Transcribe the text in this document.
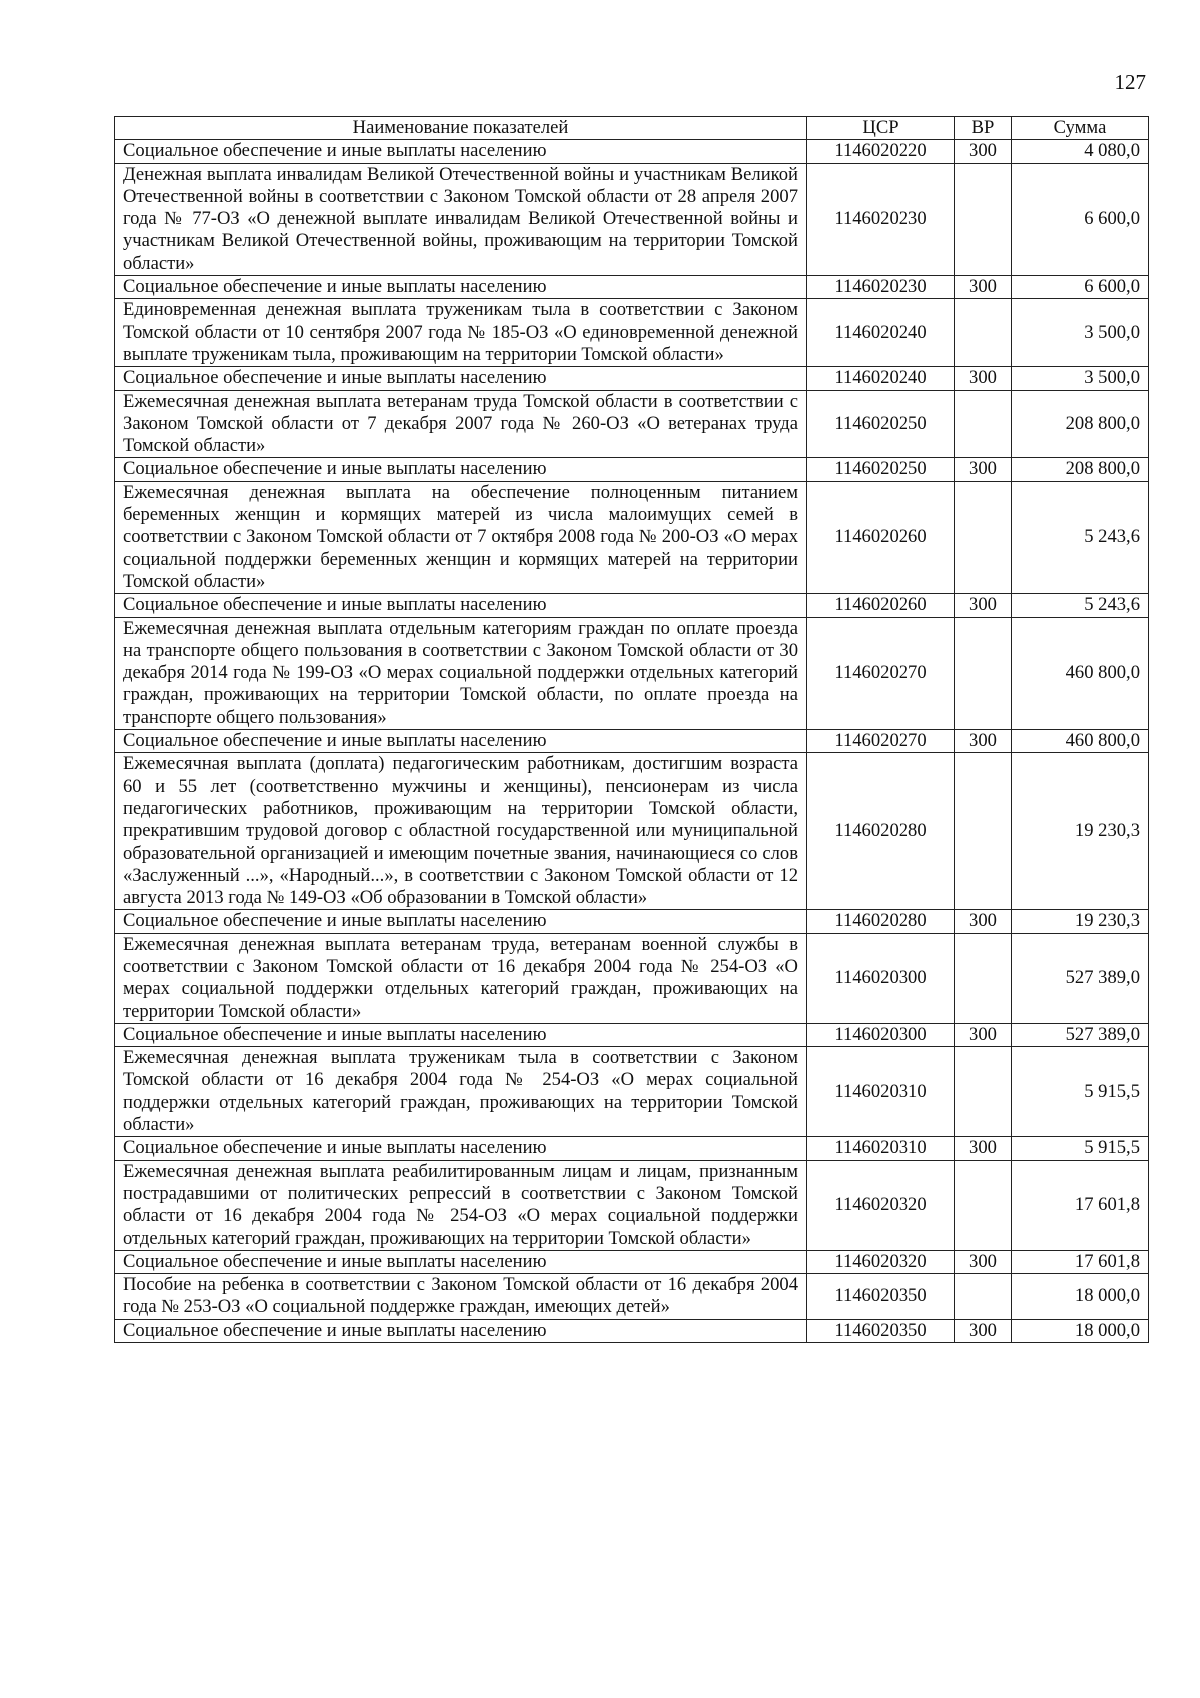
127
Наименование показателей	ЦСР	ВР	Сумма
Социальное обеспечение и иные выплаты населению	1146020220	300	4 080,0
Денежная выплата инвалидам Великой Отечественной войны и участникам Великой Отечественной войны в соответствии с Законом Томской области от 28 апреля 2007 года № 77-ОЗ «О денежной выплате инвалидам Великой Отечественной войны и участникам Великой Отечественной войны, проживающим на территории Томской области»	1146020230		6 600,0
Социальное обеспечение и иные выплаты населению	1146020230	300	6 600,0
Единовременная денежная выплата труженикам тыла в соответствии с Законом Томской области от 10 сентября 2007 года № 185-ОЗ «О единовременной денежной выплате труженикам тыла, проживающим на территории Томской области»	1146020240		3 500,0
Социальное обеспечение и иные выплаты населению	1146020240	300	3 500,0
Ежемесячная денежная выплата ветеранам труда Томской области в соответствии с Законом Томской области от 7 декабря 2007 года № 260-ОЗ «О ветеранах труда Томской области»	1146020250		208 800,0
Социальное обеспечение и иные выплаты населению	1146020250	300	208 800,0
Ежемесячная денежная выплата на обеспечение полноценным питанием беременных женщин и кормящих матерей из числа малоимущих семей в соответствии с Законом Томской области от 7 октября 2008 года № 200-ОЗ «О мерах социальной поддержки беременных женщин и кормящих матерей на территории Томской области»	1146020260		5 243,6
Социальное обеспечение и иные выплаты населению	1146020260	300	5 243,6
Ежемесячная денежная выплата отдельным категориям граждан по оплате проезда на транспорте общего пользования в соответствии с Законом Томской области от 30 декабря 2014 года № 199-ОЗ «О мерах социальной поддержки отдельных категорий граждан, проживающих на территории Томской области, по оплате проезда на транспорте общего пользования»	1146020270		460 800,0
Социальное обеспечение и иные выплаты населению	1146020270	300	460 800,0
Ежемесячная выплата (доплата) педагогическим работникам, достигшим возраста 60 и 55 лет (соответственно мужчины и женщины), пенсионерам из числа педагогических работников, проживающим на территории Томской области, прекратившим трудовой договор с областной государственной или муниципальной образовательной организацией и имеющим почетные звания, начинающиеся со слов «Заслуженный ...», «Народный...», в соответствии с Законом Томской области от 12 августа 2013 года № 149-ОЗ «Об образовании в Томской области»	1146020280		19 230,3
Социальное обеспечение и иные выплаты населению	1146020280	300	19 230,3
Ежемесячная денежная выплата ветеранам труда, ветеранам военной службы в соответствии с Законом Томской области от 16 декабря 2004 года № 254-ОЗ «О мерах социальной поддержки отдельных категорий граждан, проживающих на территории Томской области»	1146020300		527 389,0
Социальное обеспечение и иные выплаты населению	1146020300	300	527 389,0
Ежемесячная денежная выплата труженикам тыла в соответствии с Законом Томской области от 16 декабря 2004 года № 254-ОЗ «О мерах социальной поддержки отдельных категорий граждан, проживающих на территории Томской области»	1146020310		5 915,5
Социальное обеспечение и иные выплаты населению	1146020310	300	5 915,5
Ежемесячная денежная выплата реабилитированным лицам и лицам, признанным пострадавшими от политических репрессий в соответствии с Законом Томской области от 16 декабря 2004 года № 254-ОЗ «О мерах социальной поддержки отдельных категорий граждан, проживающих на территории Томской области»	1146020320		17 601,8
Социальное обеспечение и иные выплаты населению	1146020320	300	17 601,8
Пособие на ребенка в соответствии с Законом Томской области от 16 декабря 2004 года № 253-ОЗ «О социальной поддержке граждан, имеющих детей»	1146020350		18 000,0
Социальное обеспечение и иные выплаты населению	1146020350	300	18 000,0
